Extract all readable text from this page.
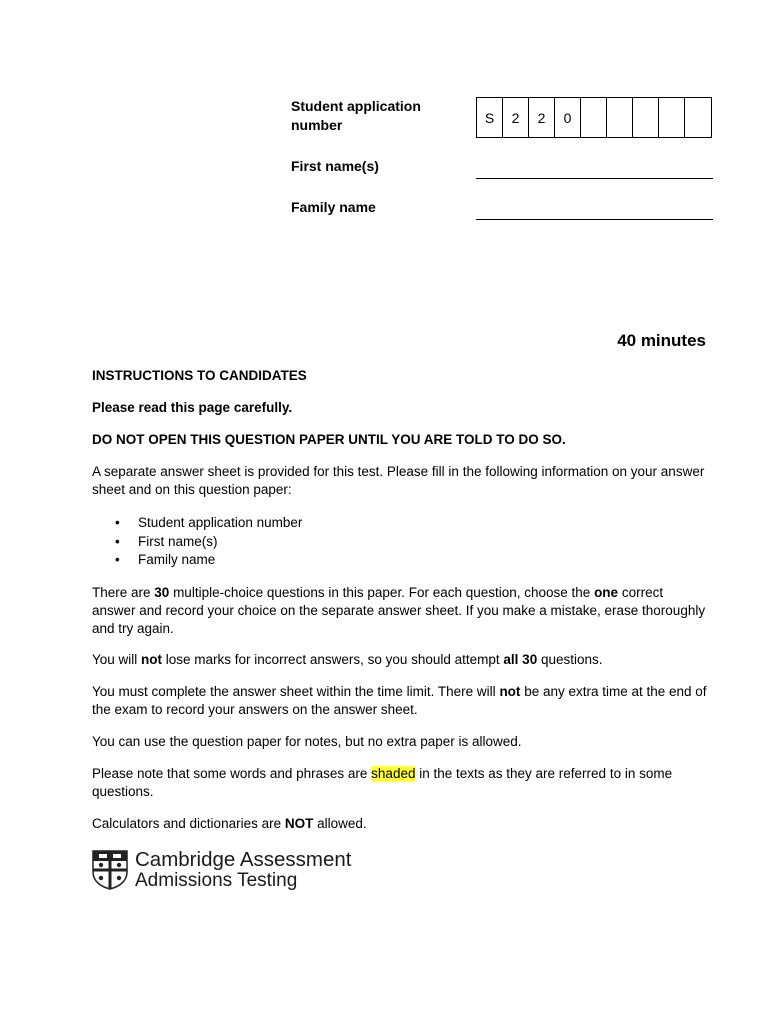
Student application number	S	2	2	0
First name(s)
Family name
40 minutes

INSTRUCTIONS TO CANDIDATES

Please read this page carefully.

DO NOT OPEN THIS QUESTION PAPER UNTIL YOU ARE TOLD TO DO SO.

A separate answer sheet is provided for this test. Please fill in the following information on your answer sheet and on this question paper:

• Student application number
• First name(s)
• Family name

There are 30 multiple-choice questions in this paper. For each question, choose the one correct answer and record your choice on the separate answer sheet. If you make a mistake, erase thoroughly and try again.

You will not lose marks for incorrect answers, so you should attempt all 30 questions.

You must complete the answer sheet within the time limit. There will not be any extra time at the end of the exam to record your answers on the answer sheet.

You can use the question paper for notes, but no extra paper is allowed.

Please note that some words and phrases are shaded in the texts as they are referred to in some questions.

Calculators and dictionaries are NOT allowed.

Cambridge Assessment
Admissions Testing
